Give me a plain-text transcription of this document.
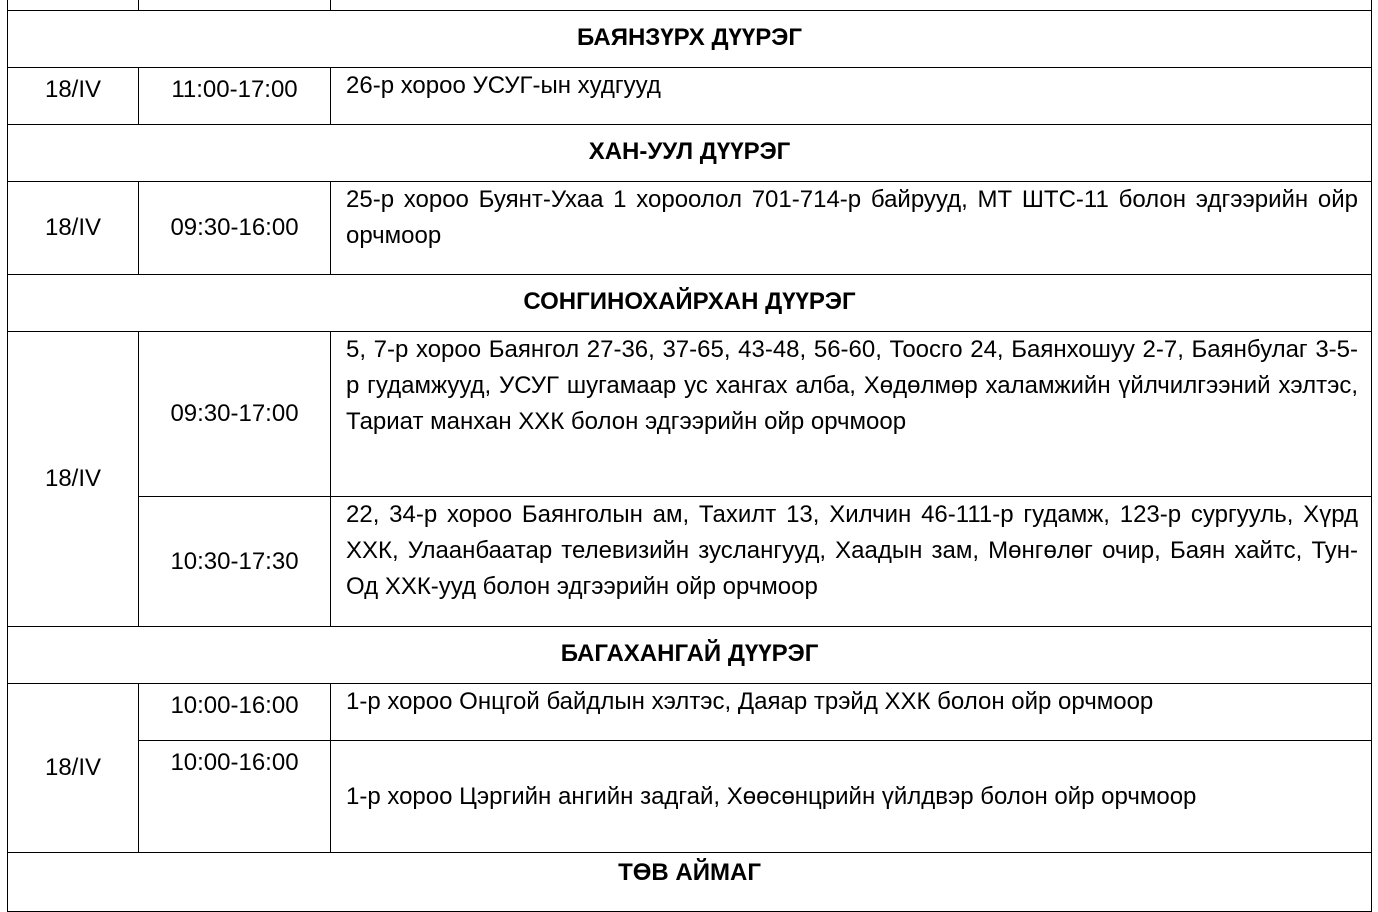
БАЯНЗҮРХ ДҮҮРЭГ		
18/IV	11:00-17:00	26-р хороо УСУГ-ын худгууд
ХАН-УУЛ ДҮҮРЭГ		
18/IV	09:30-16:00	25-р хороо Буянт-Ухаа 1 хороолол 701-714-р байрууд, МТ ШТС-11 болон эдгээрийн ойр орчмоор
СОНГИНОХАЙРХАН ДҮҮРЭГ		
18/IV	09:30-17:00	5, 7-р хороо Баянгол 27-36, 37-65, 43-48, 56-60, Тоосго 24, Баянхошуу 2-7, Баянбулаг 3-5-р гудамжууд, УСУГ шугамаар ус хангах алба, Хөдөлмөр халамжийн үйлчилгээний хэлтэс, Тариат манхан ХХК болон эдгээрийн ойр орчмоор
	10:30-17:30	22, 34-р хороо Баянголын ам, Тахилт 13, Хилчин 46-111-р гудамж, 123-р сургууль, Хүрд ХХК, Улаанбаатар телевизийн зуслангууд, Хаадын зам, Мөнгөлөг очир, Баян хайтс, Тун-Од ХХК-ууд болон эдгээрийн ойр орчмоор
БАГАХАНГАЙ ДҮҮРЭГ		
18/IV	10:00-16:00	1-р хороо Онцгой байдлын хэлтэс, Даяар трэйд ХХК болон ойр орчмоор
	10:00-16:00	1-р хороо Цэргийн ангийн задгай, Хөөсөнцрийн үйлдвэр болон ойр орчмоор

ТӨВ АЙМАГ		
